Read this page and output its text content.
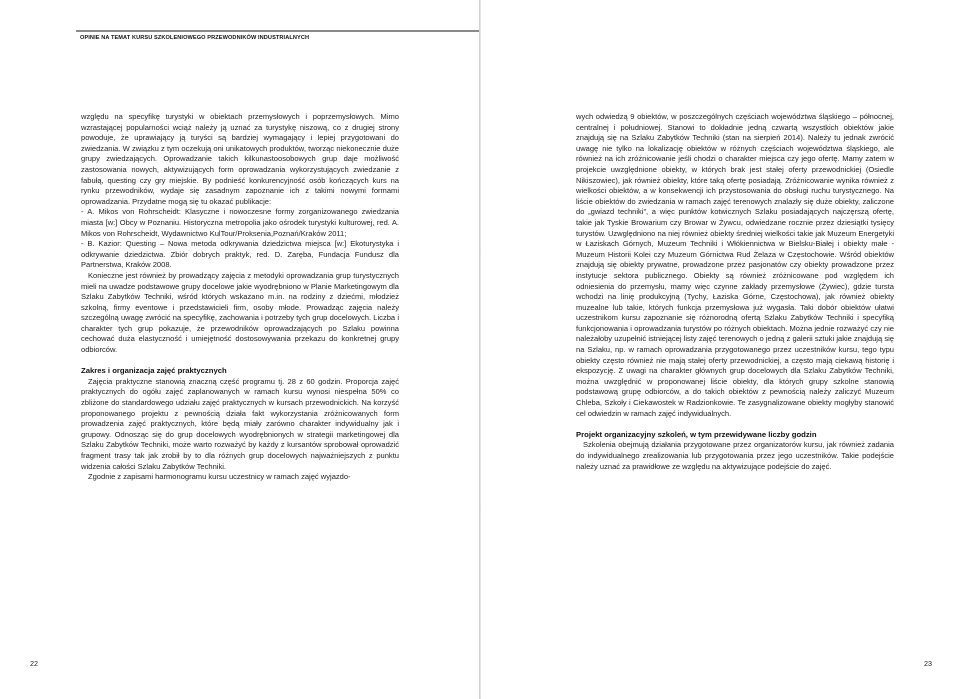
OPINIE NA TEMAT KURSU SZKOLENIOWEGO PRZEWODNIKÓW INDUSTRIALNYCH

względu na specyfikę turystyki w obiektach przemysłowych i poprzemysłowych. Mimo wzrastającej popularności wciąż należy ją uznać za turystykę niszową, co z drugiej strony powoduje, że uprawiający ją turyści są bardziej wymagający i lepiej przygotowani do zwiedzania. W związku z tym oczekują oni unikatowych produktów, tworząc niekonecznie duże grupy zwiedzających. Oprowadzanie takich kilkunastoosobowych grup daje możliwość zastosowania nowych, aktywizujących form oprowadzania wykorzystujących zwiedzanie z fabułą, questing czy gry miejskie. By podnieść konkurencyjność osób kończących kurs na rynku przewodników, wydaje się zasadnym zapoznanie ich z takimi nowymi formami oprowadzania. Przydatne mogą się tu okazać publikacje:

- A. Mikos von Rohrscheidt: Klasyczne i nowoczesne formy zorganizowanego zwiedzania miasta [w:] Obcy w Poznaniu. Historyczna metropolia jako ośrodek turystyki kulturowej, red. A. Mikos von Rohrscheidt, Wydawnictwo KulTour/Proksenia,Poznań/Kraków 2011;

- B. Kazior: Questing – Nowa metoda odkrywania dziedzictwa miejsca [w:] Ekoturystyka i odkrywanie dziedzictwa. Zbiór dobrych praktyk, red. D. Zaręba, Fundacja Fundusz dla Partnerstwa, Kraków 2008.

Konieczne jest również by prowadzący zajęcia z metodyki oprowadzania grup turystycznych mieli na uwadze podstawowe grupy docelowe jakie wyodrębniono w Planie Marketingowym dla Szlaku Zabytków Techniki, wśród których wskazano m.in. na rodziny z dziećmi, młodzież szkolną, firmy eventowe i przedstawicieli firm, osoby młode. Prowadząc zajęcia należy szczególną uwagę zwrócić na specyfikę, zachowania i potrzeby tych grup docelowych. Liczba i charakter tych grup pokazuje, że przewodników oprowadzających po Szlaku powinna cechować duża elastyczność i umiejętność dostosowywania przekazu do konkretnej grupy odbiorców.

Zakres i organizacja zajęć praktycznych

Zajęcia praktyczne stanowią znaczną część programu tj. 28 z 60 godzin. Proporcja zajęć praktycznych do ogółu zajęć zaplanowanych w ramach kursu wynosi niespełna 50% co zbliżone do standardowego udziału zajęć praktycznych w kursach przewodnickich. Na korzyść proponowanego projektu z pewnością działa fakt wykorzystania zróżnicowanych form prowadzenia zajęć praktycznych, które będą miały zarówno charakter indywidualny jak i grupowy. Odnosząc się do grup docelowych wyodrębnionych w strategii marketingowej dla Szlaku Zabytków Techniki, może warto rozważyć by każdy z kursantów sprobował oprowadzić fragment trasy tak jak zrobił by to dla różnych grup docelowych najważniejszych z punktu widzenia całości Szlaku Zabytków Techniki.

Zgodnie z zapisami harmonogramu kursu uczestnicy w ramach zajęć wyjazdo-

22

wych odwiedzą 9 obiektów, w poszczególnych częściach województwa śląskiego – północnej, centralnej i południowej. Stanowi to dokładnie jedną czwartą wszystkich obiektów jakie znajdują się na Szlaku Zabytków Techniki (stan na sierpień 2014). Należy tu jednak zwrócić uwagę nie tylko na lokalizację obiektów w różnych częściach województwa śląskiego, ale również na ich zróżnicowanie jeśli chodzi o charakter miejsca czy jego ofertę. Mamy zatem w projekcie uwzględnione obiekty, w których brak jest stałej oferty przewodnickiej (Osiedle Nikiszowiec), jak również obiekty, które taką ofertę posiadają. Zróżnicowanie wynika również z wielkości obiektów, a w konsekwencji ich przystosowania do obsługi ruchu turystycznego. Na liście obiektów do zwiedzania w ramach zajęć terenowych znalazły się duże obiekty, zaliczone do „gwiazd techniki”, a więc punktów kotwicznych Szlaku posiadających najczęrszą ofertę, takie jak Tyskie Browarium czy Browar w Żywcu, odwiedzane rocznie przez dziesiątki tysięcy turystów. Uzwględniono na niej również obiekty średniej wielkości takie jak Muzeum Energetyki w Łaziskach Górnych, Muzeum Techniki i Włókiennictwa w Bielsku-Białej i obiekty małe - Muzeum Historii Kolei czy Muzeum Górnictwa Rud Żelaza w Częstochowie. Wśród obiektów znajdują się obiekty prywatne, prowadzone przez pasjonatów czy obiekty prowadzone przez instytucje sektora publicznego. Obiekty są również zróżnicowane pod względem ich odniesienia do przemysłu, mamy więc czynne zakłady przemysłowe (Żywiec), gdzie tursta wchodzi na linię produkcyjną (Tychy, Łaziska Górne, Częstochowa), jak również obiekty muzealne lub takie, których funkcja przemysłowa już wygasła. Taki dobór obiektów ułatwi uczestnikom kursu zapoznanie się różnorodną ofertą Szlaku Zabytków Techniki i specyfiką funkcjonowania i oprowadzania turystów po różnych obiektach. Można jednie rozważyć czy nie należałoby uzupełnić istniejącej listy zajęć terenowych o jedną z galerii sztuki jakie znajdują się na Szlaku, np. w ramach oprowadzania przygotowanego przez uczestników kursu, tego typu obiekty często również nie mają stałej oferty przewodnickiej, a często mają ciekawą historię i ekspozycję. Z uwagi na charakter głównych grup docelowych dla Szlaku Zabytków Techniki, można uwzględnić w proponowanej liście obiekty, dla których grupy szkolne stanowią podstawową grupę odbiorców, a do takich obiektów z pewnością należy zaliczyć Muzeum Chleba, Szkoły i Ciekawostek w Radzionkowie. Te zasygnalizowane obiekty mogłyby stanowić cel odwiedzin w ramach zajęć indywidualnych.

Projekt organizacyjny szkoleń, w tym przewidywane liczby godzin

Szkolenia obejmują działania przygotowane przez organizatorów kursu, jak również zadania do indywidualnego zrealizowania lub przygotowania przez jego uczestników. Takie podejście należy uznać za prawidłowe ze względu na aktywizujące podejście do zajęć.

23
